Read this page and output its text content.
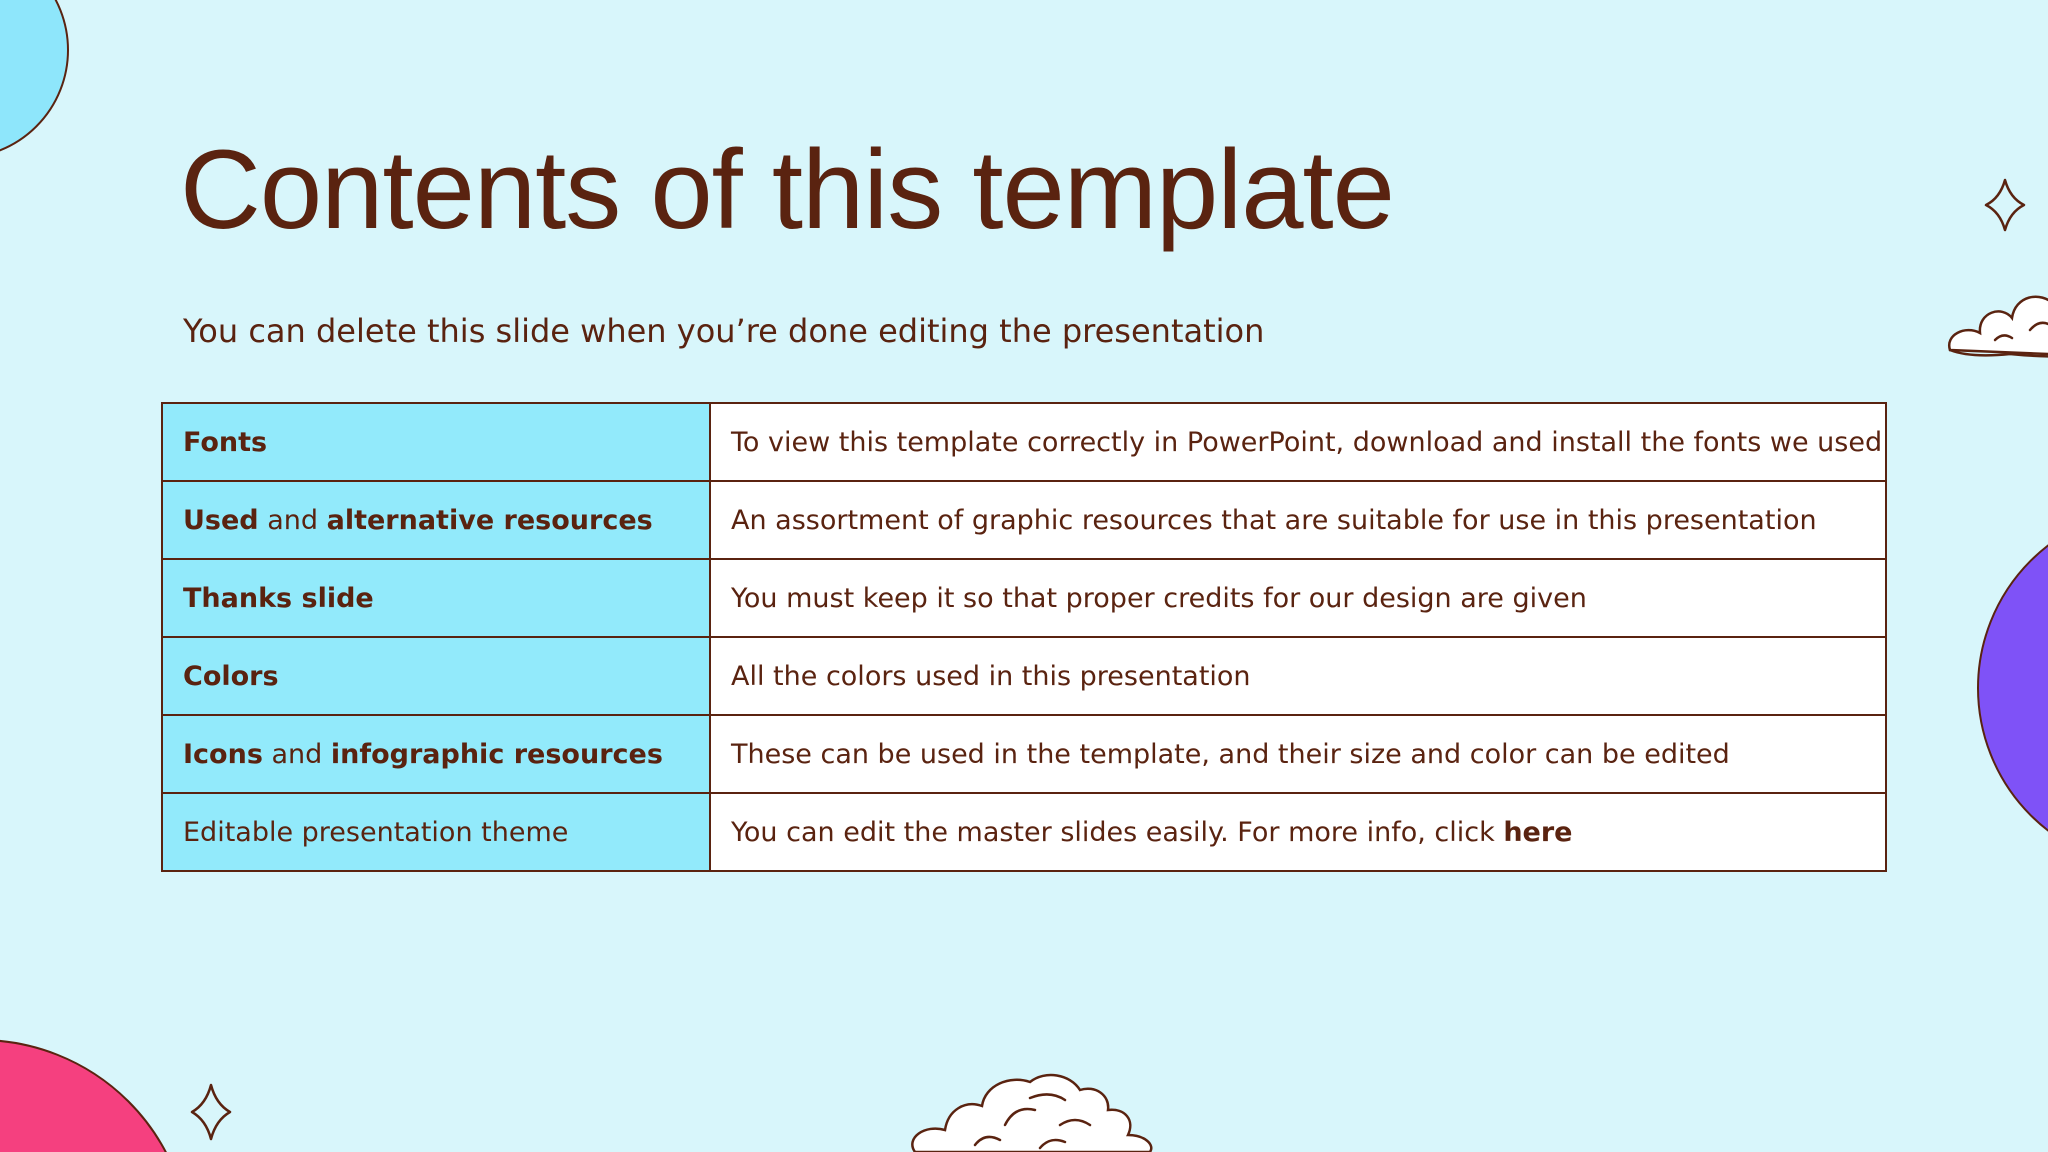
Contents of this template

You can delete this slide when you’re done editing the presentation

Fonts	To view this template correctly in PowerPoint, download and install the fonts we used
Used and alternative resources	An assortment of graphic resources that are suitable for use in this presentation
Thanks slide	You must keep it so that proper credits for our design are given
Colors	All the colors used in this presentation
Icons and infographic resources	These can be used in the template, and their size and color can be edited
Editable presentation theme	You can edit the master slides easily. For more info, click here
